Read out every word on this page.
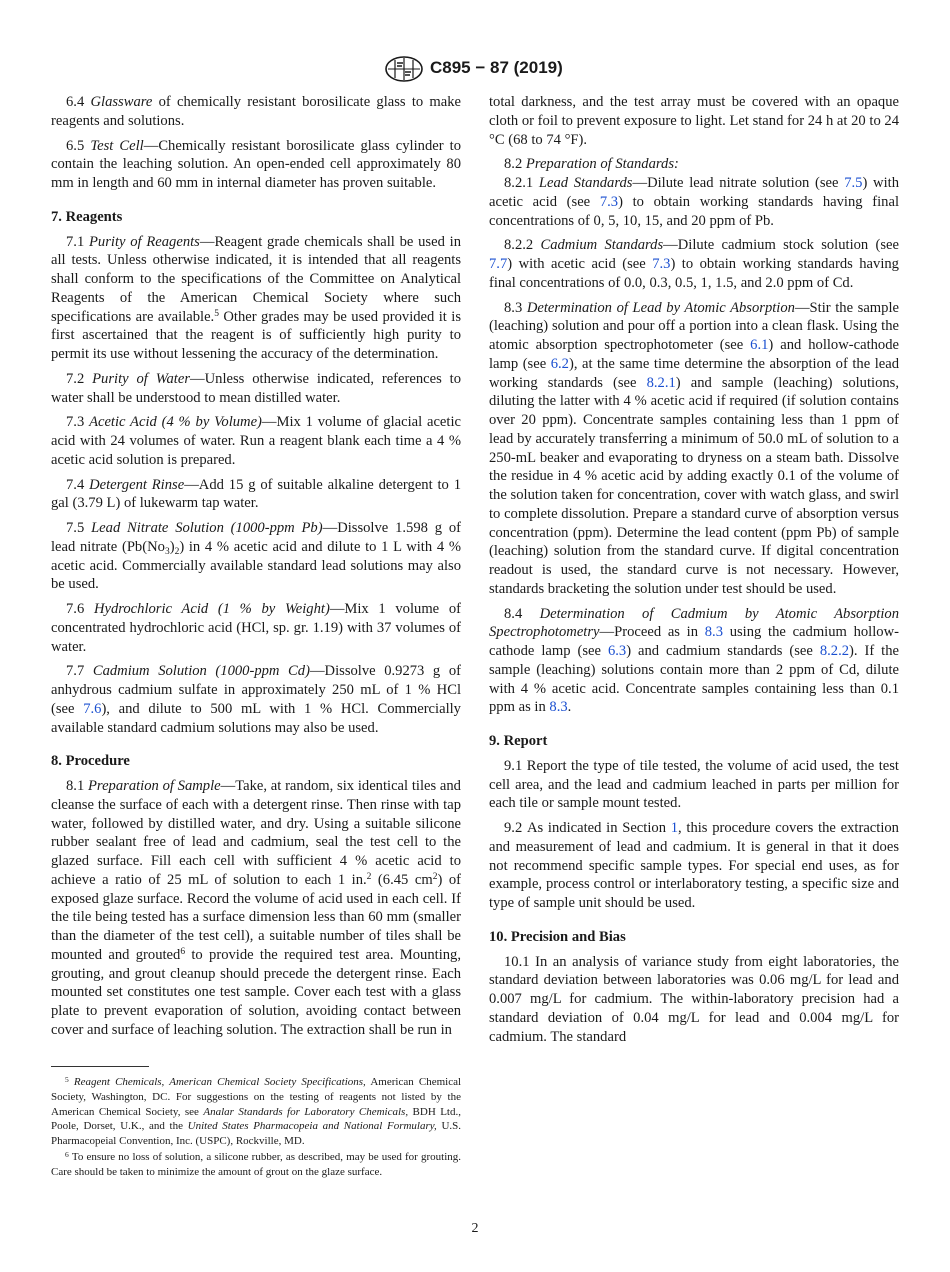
C895 − 87 (2019)

6.4 Glassware of chemically resistant borosilicate glass to make reagents and solutions.

6.5 Test Cell—Chemically resistant borosilicate glass cylinder to contain the leaching solution. An open-ended cell approximately 80 mm in length and 60 mm in internal diameter has proven suitable.

7. Reagents

7.1 Purity of Reagents—Reagent grade chemicals shall be used in all tests. Unless otherwise indicated, it is intended that all reagents shall conform to the specifications of the Committee on Analytical Reagents of the American Chemical Society where such specifications are available.$^5$ Other grades may be used provided it is first ascertained that the reagent is of sufficiently high purity to permit its use without lessening the accuracy of the determination.

7.2 Purity of Water—Unless otherwise indicated, references to water shall be understood to mean distilled water.

7.3 Acetic Acid (4 % by Volume)—Mix 1 volume of glacial acetic acid with 24 volumes of water. Run a reagent blank each time a 4 % acetic acid solution is prepared.

7.4 Detergent Rinse—Add 15 g of suitable alkaline detergent to 1 gal (3.79 L) of lukewarm tap water.

7.5 Lead Nitrate Solution (1000-ppm Pb)—Dissolve 1.598 g of lead nitrate $(Pb(No_3)_2)$ in 4 % acetic acid and dilute to 1 L with 4 % acetic acid. Commercially available standard lead solutions may also be used.

7.6 Hydrochloric Acid (1 % by Weight)—Mix 1 volume of concentrated hydrochloric acid (HCl, sp. gr. 1.19) with 37 volumes of water.

7.7 Cadmium Solution (1000-ppm Cd)—Dissolve 0.9273 g of anhydrous cadmium sulfate in approximately 250 mL of 1 % HCl (see 7.6), and dilute to 500 mL with 1 % HCl. Commercially available standard cadmium solutions may also be used.

8. Procedure

8.1 Preparation of Sample—Take, at random, six identical tiles and cleanse the surface of each with a detergent rinse. Then rinse with tap water, followed by distilled water, and dry. Using a suitable silicone rubber sealant free of lead and cadmium, seal the test cell to the glazed surface. Fill each cell with sufficient 4 % acetic acid to achieve a ratio of 25 mL of solution to each 1 in.$^2$ (6.45 $cm^2$) of exposed glaze surface. Record the volume of acid used in each cell. If the tile being tested has a surface dimension less than 60 mm (smaller than the diameter of the test cell), a suitable number of tiles shall be mounted and grouted$^6$ to provide the required test area. Mounting, grouting, and grout cleanup should precede the detergent rinse. Each mounted set constitutes one test sample. Cover each test with a glass plate to prevent evaporation of solution, avoiding contact between cover and surface of leaching solution. The extraction shall be run in

$^5$ Reagent Chemicals, American Chemical Society Specifications, American Chemical Society, Washington, DC. For suggestions on the testing of reagents not listed by the American Chemical Society, see Analar Standards for Laboratory Chemicals, BDH Ltd., Poole, Dorset, U.K., and the United States Pharmacopeia and National Formulary, U.S. Pharmacopeial Convention, Inc. (USPC), Rockville, MD.

$^6$ To ensure no loss of solution, a silicone rubber, as described, may be used for grouting. Care should be taken to minimize the amount of grout on the glaze surface.

total darkness, and the test array must be covered with an opaque cloth or foil to prevent exposure to light. Let stand for 24 h at 20 to 24 °C (68 to 74 °F).

8.2 Preparation of Standards:

8.2.1 Lead Standards—Dilute lead nitrate solution (see 7.5) with acetic acid (see 7.3) to obtain working standards having final concentrations of 0, 5, 10, 15, and 20 ppm of Pb.

8.2.2 Cadmium Standards—Dilute cadmium stock solution (see 7.7) with acetic acid (see 7.3) to obtain working standards having final concentrations of 0.0, 0.3, 0.5, 1, 1.5, and 2.0 ppm of Cd.

8.3 Determination of Lead by Atomic Absorption—Stir the sample (leaching) solution and pour off a portion into a clean flask. Using the atomic absorption spectrophotometer (see 6.1) and hollow-cathode lamp (see 6.2), at the same time determine the absorption of the lead working standards (see 8.2.1) and sample (leaching) solutions, diluting the latter with 4 % acetic acid if required (if solution contains over 20 ppm). Concentrate samples containing less than 1 ppm of lead by accurately transferring a minimum of 50.0 mL of solution to a 250-mL beaker and evaporating to dryness on a steam bath. Dissolve the residue in 4 % acetic acid by adding exactly 0.1 of the volume of the solution taken for concentration, cover with watch glass, and swirl to complete dissolution. Prepare a standard curve of absorption versus concentration (ppm). Determine the lead content (ppm Pb) of sample (leaching) solution from the standard curve. If digital concentration readout is used, the standard curve is not necessary. However, standards bracketing the solution under test should be used.

8.4 Determination of Cadmium by Atomic Absorption Spectrophotometry—Proceed as in 8.3 using the cadmium hollow-cathode lamp (see 6.3) and cadmium standards (see 8.2.2). If the sample (leaching) solutions contain more than 2 ppm of Cd, dilute with 4 % acetic acid. Concentrate samples containing less than 0.1 ppm as in 8.3.

9. Report

9.1 Report the type of tile tested, the volume of acid used, the test cell area, and the lead and cadmium leached in parts per million for each tile or sample mount tested.

9.2 As indicated in Section 1, this procedure covers the extraction and measurement of lead and cadmium. It is general in that it does not recommend specific sample types. For special end uses, as for example, process control or interlaboratory testing, a specific size and type of sample unit should be used.

10. Precision and Bias

10.1 In an analysis of variance study from eight laboratories, the standard deviation between laboratories was 0.06 mg/L for lead and 0.007 mg/L for cadmium. The within-laboratory precision had a standard deviation of 0.04 mg/L for lead and 0.004 mg/L for cadmium. The standard

2
